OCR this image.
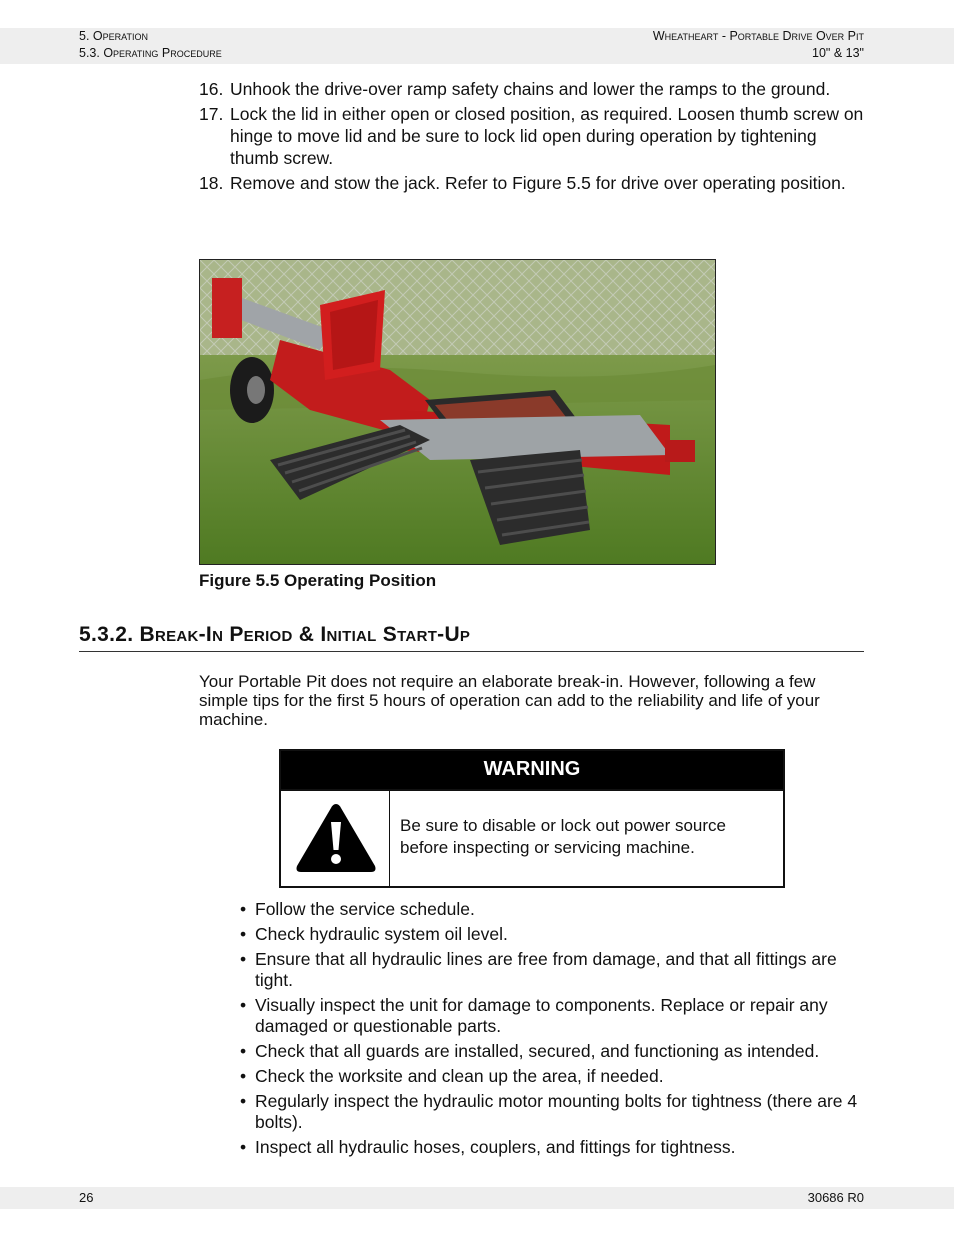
5. Operation
5.3. Operating Procedure
Wheatheart - Portable Drive Over Pit
10" & 13"
16. Unhook the drive-over ramp safety chains and lower the ramps to the ground.
17. Lock the lid in either open or closed position, as required. Loosen thumb screw on hinge to move lid and be sure to lock lid open during operation by tightening thumb screw.
18. Remove and stow the jack. Refer to Figure 5.5 for drive over operating position.
Figure 5.5 Operating Position
5.3.2. Break-In Period & Initial Start-Up
Your Portable Pit does not require an elaborate break-in. However, following a few simple tips for the first 5 hours of operation can add to the reliability and life of your machine.
WARNING
Be sure to disable or lock out power source before inspecting or servicing machine.
• Follow the service schedule.
• Check hydraulic system oil level.
• Ensure that all hydraulic lines are free from damage, and that all fittings are tight.
• Visually inspect the unit for damage to components. Replace or repair any damaged or questionable parts.
• Check that all guards are installed, secured, and functioning as intended.
• Check the worksite and clean up the area, if needed.
• Regularly inspect the hydraulic motor mounting bolts for tightness (there are 4 bolts).
• Inspect all hydraulic hoses, couplers, and fittings for tightness.
26	30686 R0
